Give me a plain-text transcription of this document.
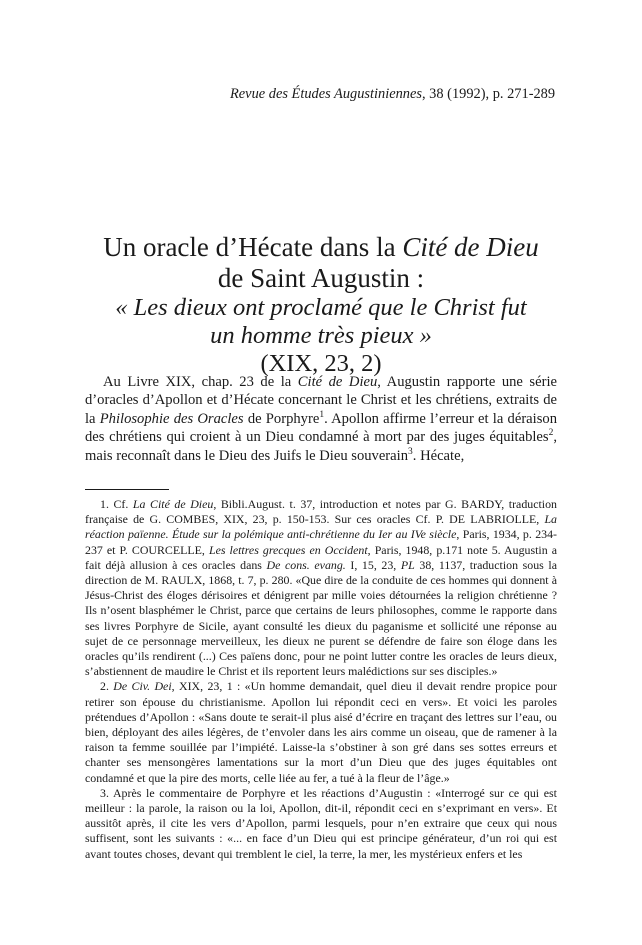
Revue des Études Augustiniennes, 38 (1992), p. 271-289
Un oracle d’Hécate dans la Cité de Dieu
de Saint Augustin :
« Les dieux ont proclamé que le Christ fut
un homme très pieux »
(XIX, 23, 2)

Au Livre XIX, chap. 23 de la Cité de Dieu, Augustin rapporte une série d’oracles d’Apollon et d’Hécate concernant le Christ et les chrétiens, extraits de la Philosophie des Oracles de Porphyre$^1$. Apollon affirme l’erreur et la déraison des chrétiens qui croient à un Dieu condamné à mort par des juges équitables$^2$, mais reconnaît dans le Dieu des Juifs le Dieu souverain$^3$. Hécate,

1. Cf. La Cité de Dieu, Bibli.August. t. 37, introduction et notes par G. BARDY, traduction française de G. COMBES, XIX, 23, p. 150-153. Sur ces oracles Cf. P. DE LABRIOLLE, La réaction païenne. Étude sur la polémique anti-chrétienne du Ier au IVe siècle, Paris, 1934, p. 234-237 et P. COURCELLE, Les lettres grecques en Occident, Paris, 1948, p.171 note 5. Augustin a fait déjà allusion à ces oracles dans De cons. evang. I, 15, 23, PL 38, 1137, traduction sous la direction de M. RAULX, 1868, t. 7, p. 280. «Que dire de la conduite de ces hommes qui donnent à Jésus-Christ des éloges dérisoires et dénigrent par mille voies détournées la religion chrétienne ? Ils n’osent blasphémer le Christ, parce que certains de leurs philosophes, comme le rapporte dans ses livres Porphyre de Sicile, ayant consulté les dieux du paganisme et sollicité une réponse au sujet de ce personnage merveilleux, les dieux ne purent se défendre de faire son éloge dans les oracles qu’ils rendirent (...) Ces païens donc, pour ne point lutter contre les oracles de leurs dieux, s’abstiennent de maudire le Christ et ils reportent leurs malédictions sur ses disciples.»

2. De Civ. Dei, XIX, 23, 1 : «Un homme demandait, quel dieu il devait rendre propice pour retirer son épouse du christianisme. Apollon lui répondit ceci en vers». Et voici les paroles prétendues d’Apollon : «Sans doute te serait-il plus aisé d’écrire en traçant des lettres sur l’eau, ou bien, déployant des ailes légères, de t’envoler dans les airs comme un oiseau, que de ramener à la raison ta femme souillée par l’impiété. Laisse-la s’obstiner à son gré dans ses sottes erreurs et chanter ses mensongères lamentations sur la mort d’un Dieu que des juges équitables ont condamné et que la pire des morts, celle liée au fer, a tué à la fleur de l’âge.»

3. Après le commentaire de Porphyre et les réactions d’Augustin : «Interrogé sur ce qui est meilleur : la parole, la raison ou la loi, Apollon, dit-il, répondit ceci en s’exprimant en vers». Et aussitôt après, il cite les vers d’Apollon, parmi lesquels, pour n’en extraire que ceux qui nous suffisent, sont les suivants : «... en face d’un Dieu qui est principe générateur, d’un roi qui est avant toutes choses, devant qui tremblent le ciel, la terre, la mer, les mystérieux enfers et les
